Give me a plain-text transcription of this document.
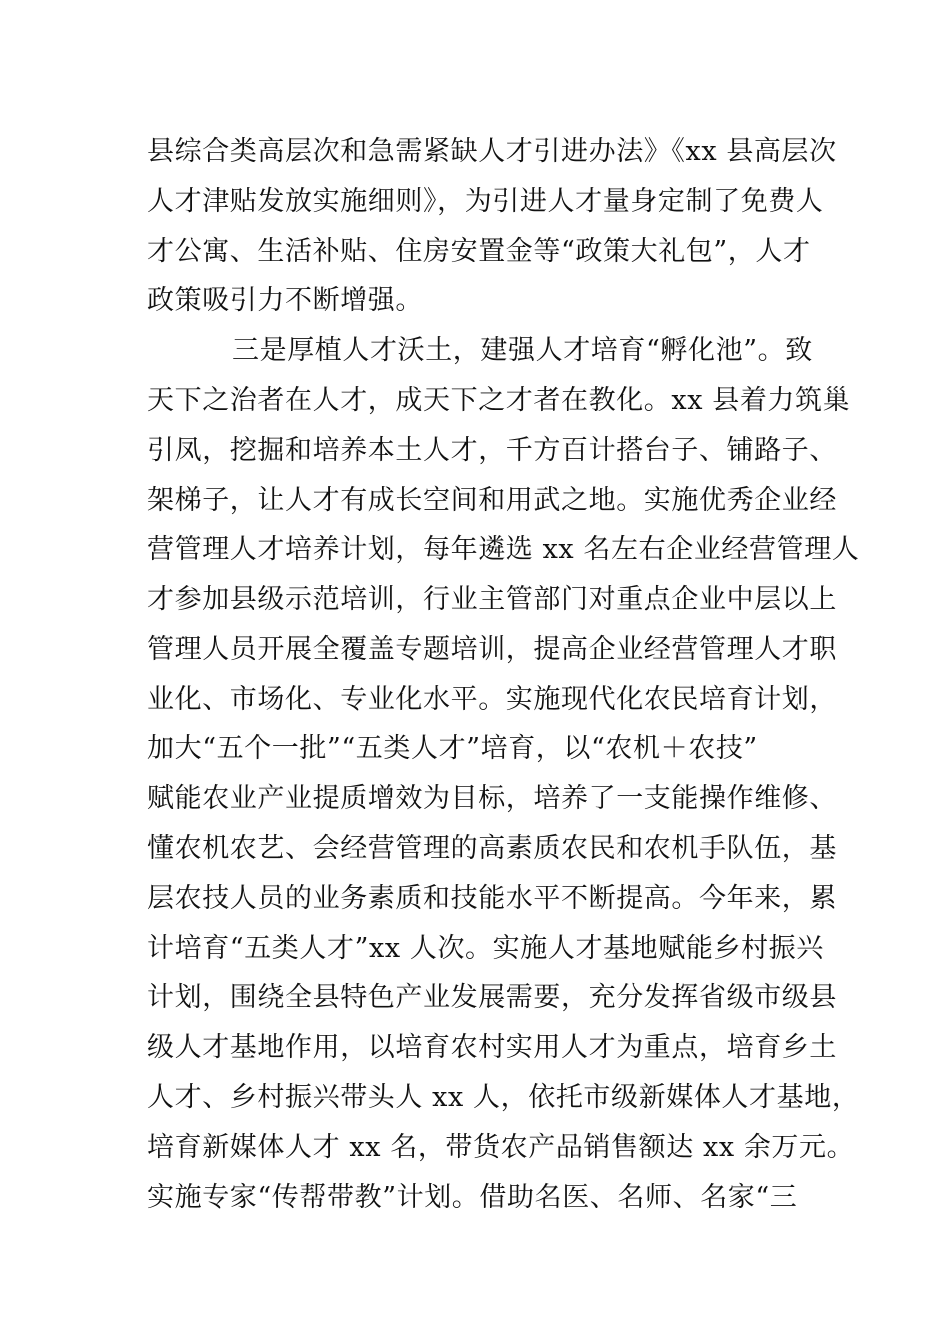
县综合类高层次和急需紧缺人才引进办法》《xx 县高层次
人才津贴发放实施细则》，为引进人才量身定制了免费人
才公寓、生活补贴、住房安置金等“政策大礼包”，人才
政策吸引力不断增强。
三是厚植人才沃土，建强人才培育“孵化池”。致
天下之治者在人才，成天下之才者在教化。xx 县着力筑巢
引凤，挖掘和培养本土人才，千方百计搭台子、铺路子、
架梯子，让人才有成长空间和用武之地。实施优秀企业经
营管理人才培养计划，每年遴选 xx 名左右企业经营管理人
才参加县级示范培训，行业主管部门对重点企业中层以上
管理人员开展全覆盖专题培训，提高企业经营管理人才职
业化、市场化、专业化水平。实施现代化农民培育计划，
加大“五个一批”“五类人才”培育，以“农机＋农技”
赋能农业产业提质增效为目标，培养了一支能操作维修、
懂农机农艺、会经营管理的高素质农民和农机手队伍，基
层农技人员的业务素质和技能水平不断提高。今年来，累
计培育“五类人才”xx 人次。实施人才基地赋能乡村振兴
计划，围绕全县特色产业发展需要，充分发挥省级市级县
级人才基地作用，以培育农村实用人才为重点，培育乡土
人才、乡村振兴带头人 xx 人，依托市级新媒体人才基地，
培育新媒体人才 xx 名，带货农产品销售额达 xx 余万元。
实施专家“传帮带教”计划。借助名医、名师、名家“三
